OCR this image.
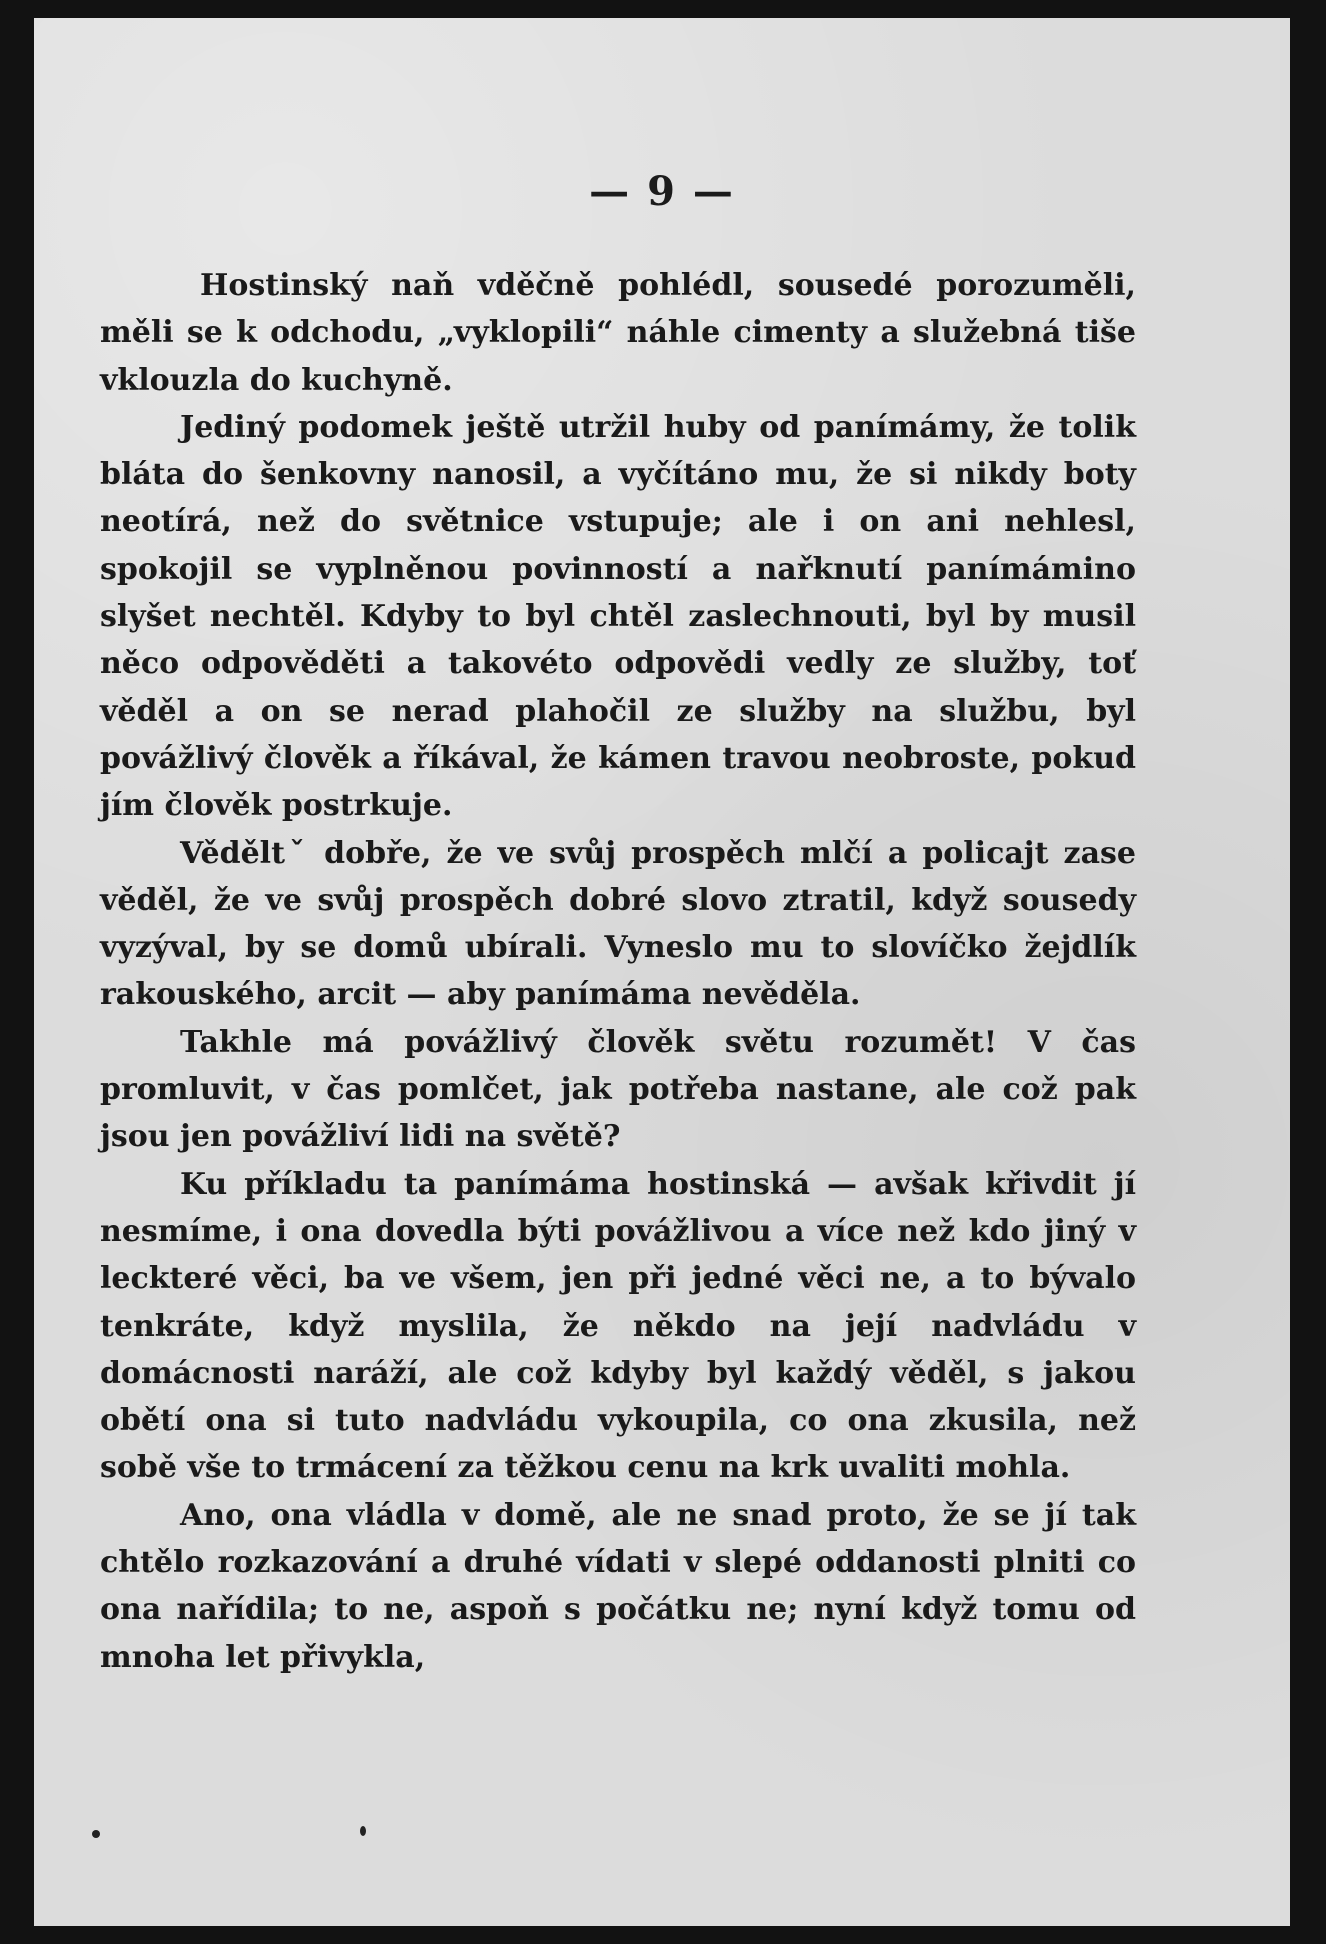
— 9 —

Hostinský naň vděčně pohlédl, sousedé porozuměli, měli se k odchodu, „vyklopili“ náhle cimenty a služebná tiše vklouzla do kuchyně.

Jediný podomek ještě utržil huby od panímámy, že tolik bláta do šenkovny nanosil, a vyčítáno mu, že si nikdy boty neotírá, než do světnice vstupuje; ale i on ani nehlesl, spokojil se vyplněnou povinností a nařknutí panímámino slyšet nechtěl. Kdyby to byl chtěl zaslechnouti, byl by musil něco odpověděti a takovéto odpovědi vedly ze služby, toť věděl a on se nerad plahočil ze služby na službu, byl povážlivý člověk a říkával, že kámen travou neobroste, pokud jím člověk postrkuje.

Věděltˇ dobře, že ve svůj prospěch mlčí a policajt zase věděl, že ve svůj prospěch dobré slovo ztratil, když sousedy vyzýval, by se domů ubírali. Vyneslo mu to slovíčko žejdlík rakouského, arcit — aby panímáma nevěděla.

Takhle má povážlivý člověk světu rozumět! V čas promluvit, v čas pomlčet, jak potřeba nastane, ale což pak jsou jen povážliví lidi na světě?

Ku příkladu ta panímáma hostinská — avšak křivdit jí nesmíme, i ona dovedla býti povážlivou a více než kdo jiný v leckteré věci, ba ve všem, jen při jedné věci ne, a to bývalo tenkráte, když myslila, že někdo na její nadvládu v domácnosti naráží, ale což kdyby byl každý věděl, s jakou obětí ona si tuto nadvládu vykoupila, co ona zkusila, než sobě vše to trmácení za těžkou cenu na krk uvaliti mohla.

Ano, ona vládla v domě, ale ne snad proto, že se jí tak chtělo rozkazování a druhé vídati v slepé oddanosti plniti co ona nařídila; to ne, aspoň s počátku ne; nyní když tomu od mnoha let přivykla,
